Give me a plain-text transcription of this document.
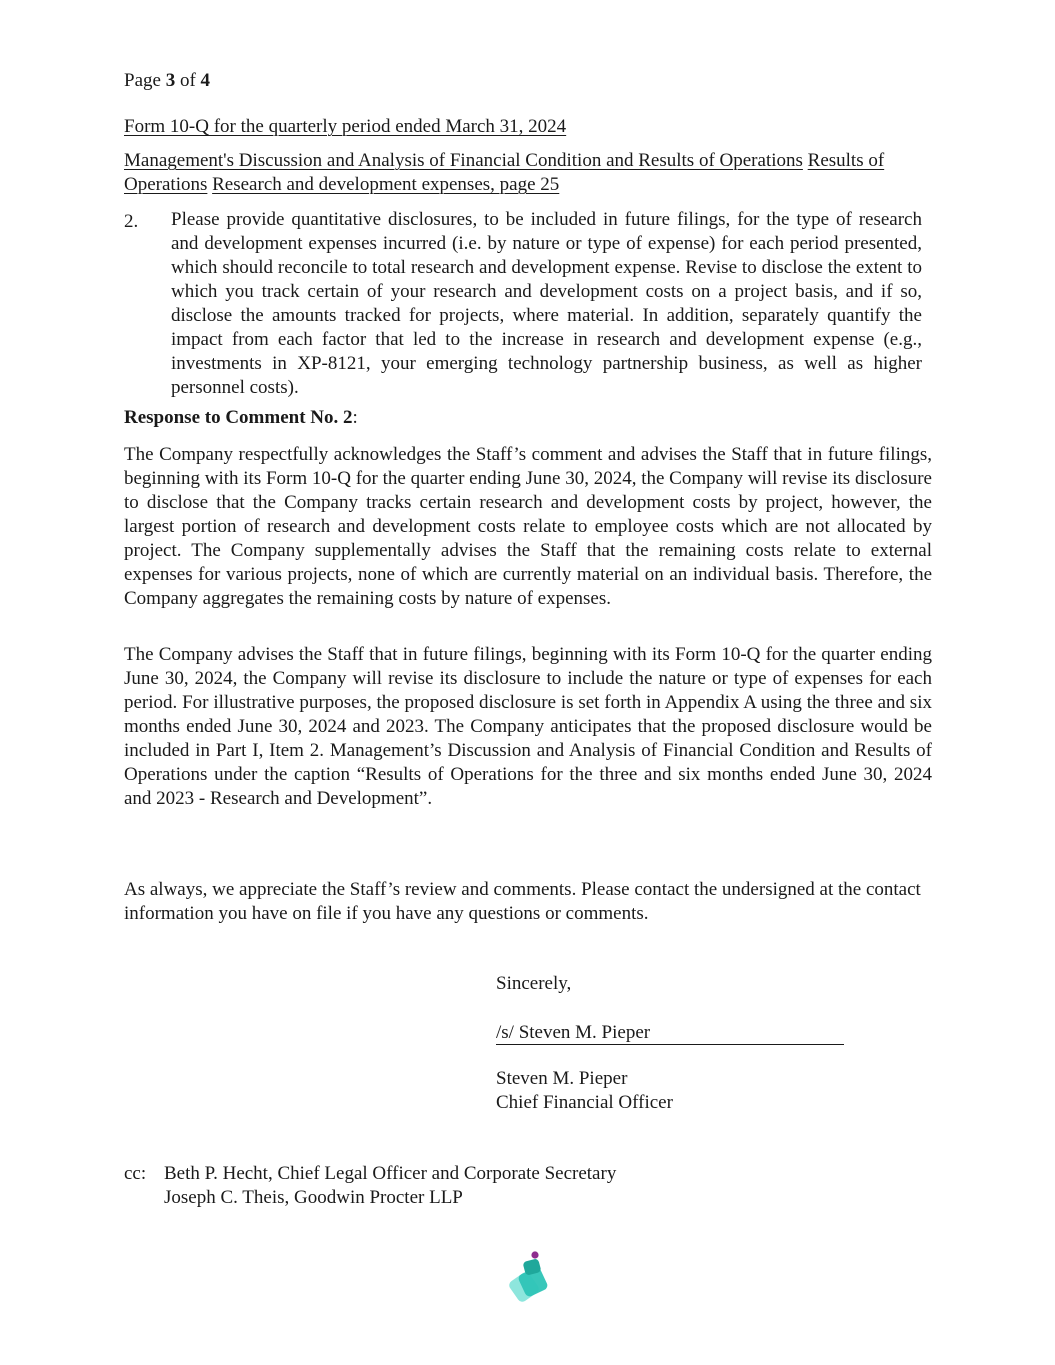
Page 3 of 4
Form 10-Q for the quarterly period ended March 31, 2024
Management's Discussion and Analysis of Financial Condition and Results of Operations Results of Operations Research and development expenses, page 25
2. Please provide quantitative disclosures, to be included in future filings, for the type of research and development expenses incurred (i.e. by nature or type of expense) for each period presented, which should reconcile to total research and development expense. Revise to disclose the extent to which you track certain of your research and development costs on a project basis, and if so, disclose the amounts tracked for projects, where material. In addition, separately quantify the impact from each factor that led to the increase in research and development expense (e.g., investments in XP-8121, your emerging technology partnership business, as well as higher personnel costs).

Response to Comment No. 2:

The Company respectfully acknowledges the Staff’s comment and advises the Staff that in future filings, beginning with its Form 10-Q for the quarter ending June 30, 2024, the Company will revise its disclosure to disclose that the Company tracks certain research and development costs by project, however, the largest portion of research and development costs relate to employee costs which are not allocated by project. The Company supplementally advises the Staff that the remaining costs relate to external expenses for various projects, none of which are currently material on an individual basis. Therefore, the Company aggregates the remaining costs by nature of expenses.

The Company advises the Staff that in future filings, beginning with its Form 10-Q for the quarter ending June 30, 2024, the Company will revise its disclosure to include the nature or type of expenses for each period. For illustrative purposes, the proposed disclosure is set forth in Appendix A using the three and six months ended June 30, 2024 and 2023. The Company anticipates that the proposed disclosure would be included in Part I, Item 2. Management’s Discussion and Analysis of Financial Condition and Results of Operations under the caption “Results of Operations for the three and six months ended June 30, 2024 and 2023 - Research and Development”.

As always, we appreciate the Staff’s review and comments. Please contact the undersigned at the contact information you have on file if you have any questions or comments.

Sincerely,
/s/ Steven M. Pieper
Steven M. Pieper
Chief Financial Officer
cc: Beth P. Hecht, Chief Legal Officer and Corporate Secretary
Joseph C. Theis, Goodwin Procter LLP
